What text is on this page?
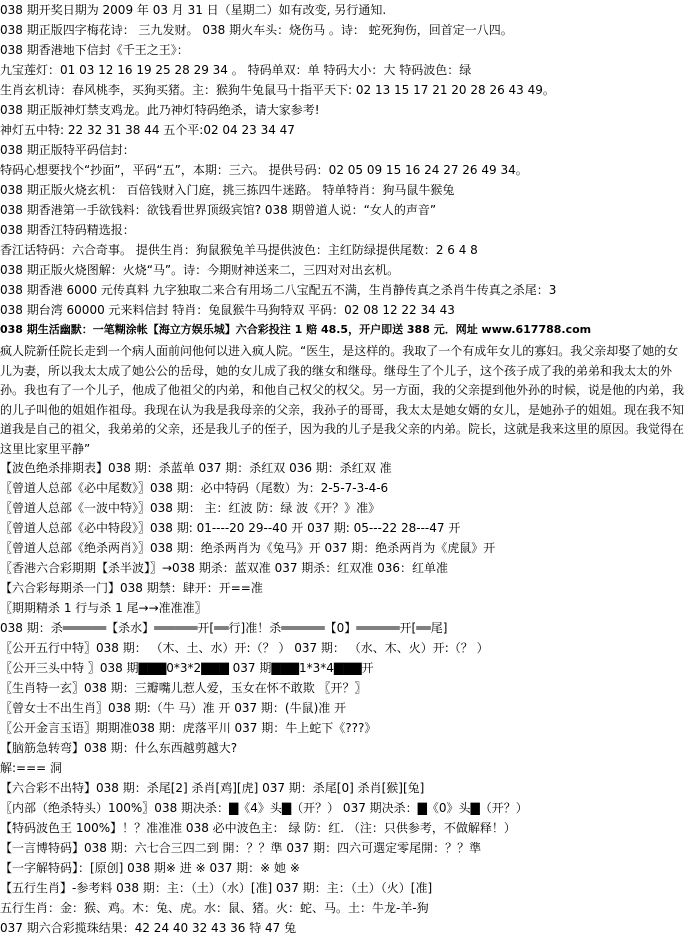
038 期开奖日期为 2009 年 03 月 31 日（星期二）如有改变, 另行通知.
038 期正版四字梅花诗： 三九发财。 038 期火车头：烧伤马 。诗： 蛇死狗伤，回首定一八四。
038 期香港地下信封《千王之王》：
九宝莲灯：01 03 12 16 19 25 28 29 34 。 特码单双：单 特码大小：大 特码波色：绿
生肖玄机诗：春风桃李，买狗买猪。主：猴狗牛兔鼠马十指平天下: 02 13 15 17 21 20 28 26 43 49。
038 期正版神灯禁支鸡龙。此乃神灯特码绝杀，请大家参考!
神灯五中特: 22 32 31 38 44 五个平:02 04 23 34 47
038 期正版特平码信封：
特码心想要找个“抄面”，平码“五”，本期：三六。 提供号码：02 05 09 15 16 24 27 26 49 34。
038 期正版火烧玄机： 百倍钱财入门庭，挑三拣四牛迷路。 特单特肖：狗马鼠牛猴兔
038 期香港第一手欲钱料：欲钱看世界顶级宾馆? 038 期曾道人说：“女人的声音”
038 期香江特码精选报：
香江话特码：六合奇事。 提供生肖：狗鼠猴兔羊马提供波色：主红防绿提供尾数：2 6 4 8
038 期正版火烧图解：火烧“马”。诗：今期财神送来二，三四对对出玄机。
038 期香港 6000 元传真料 九字独取二来合有用场二八宝配五不满，生肖静传真之杀肖牛传真之杀尾：3
038 期台湾 60000 元来料信封 特肖：兔鼠猴牛马狗特双 平码：02 08 12 22 34 43
038 期生活幽默：一笔糊涂帐【海立方娱乐城】六合彩投注 1 赔 48.5，开户即送 388 元．网址 www.617788.com
疯人院新任院长走到一个病人面前问他何以进入疯人院。“医生，是这样的。我取了一个有成年女儿的寡妇。我父亲却娶了她的女儿为妻，所以我太太成了她公公的岳母，她的女儿成了我的继女和继母。继母生了个儿子，这个孩子成了我的弟弟和我太太的外孙。我也有了一个儿子，他成了他祖父的内弟，和他自己权父的权父。另一方面，我的父亲提到他外孙的时候，说是他的内弟，我的儿子叫他的姐姐作祖母。我现在认为我是我母亲的父亲，我孙子的哥哥，我太太是她女婿的女儿，是她孙子的姐姐。现在我不知道我是自己的祖父，我弟弟的父亲，还是我儿子的侄子，因为我的儿子是我父亲的内弟。院长，这就是我来这里的原因。我觉得在这里比家里平静”
【波色绝杀排期表】038 期：杀蓝单 037 期：杀红双 036 期：杀红双 准
〖曾道人总部《必中尾数》〗038 期：必中特码（尾数）为：2-5-7-3-4-6
〖曾道人总部《一波中特》〗038 期： 主：红波 防：绿 波《开？》准》
〖曾道人总部《必中特段》〗038 期: 01----20 29--40 开 037 期: 05---22 28---47 开
〖曾道人总部《绝杀两肖》〗038 期：绝杀两肖为《兔马》开 037 期：绝杀两肖为《虎鼠》开
〖香港六合彩期期【杀半波】〗→038 期杀：蓝双准 037 期杀：红双准 036：红单准
【六合彩每期杀一门】038 期禁：肆开：开==准
〖期期精杀 1 行与杀 1 尾→→准准准〗
038 期：杀══════【杀水】══════开[══行]准！杀══════【0】══════开[══尾]
〖公开五行中特〗038 期： （木、土、水）开:（？ ） 037 期： （水、木、火）开:（？ ）
〖公开三头中特 〗038 期▇▇▇0*3*2▇▇▇ 037 期▇▇▇1*3*4▇▇▇开
〖生肖特一玄〗038 期：三瓣嘴儿惹人爱，玉女在怀不敢欺 〖开？〗
〖曾女士不出生肖〗038 期:（牛 马）准 开 037 期：(牛鼠)准 开
〖公开金言玉语〗期期准038 期：虎落平川 037 期：牛上蛇下《???》
【脑筋急转弯】038 期：什么东西越剪越大?
解:=== 洞
【六合彩不出特】038 期：杀尾[2] 杀肖[鸡][虎] 037 期：杀尾[0] 杀肖[猴][兔]
〖内部（绝杀特头）100%〗038 期决杀：▇《4》头▇（开？） 037 期决杀：▇《0》头▇（开？）
【特码波色王 100%】！？准准准 038 必中波色主： 绿 防：红. （注：只供参考，不做解释！）
【一言博特码】038 期：六七合三四二到 開：？？準 037 期：四六可選定零尾開：？？準
【一字解特码】：[原创] 038 期※ 进 ※ 037 期：※ 她 ※
【五行生肖】-参考料 038 期：主：（土）（水）[准] 037 期：主：（土）（火）[准]
五行生肖：金：猴、鸡。木：兔、虎。水：鼠、猪。火：蛇、马。土：牛龙-羊-狗
037 期六合彩揽珠结果：42 24 40 32 43 36 特 47 兔
